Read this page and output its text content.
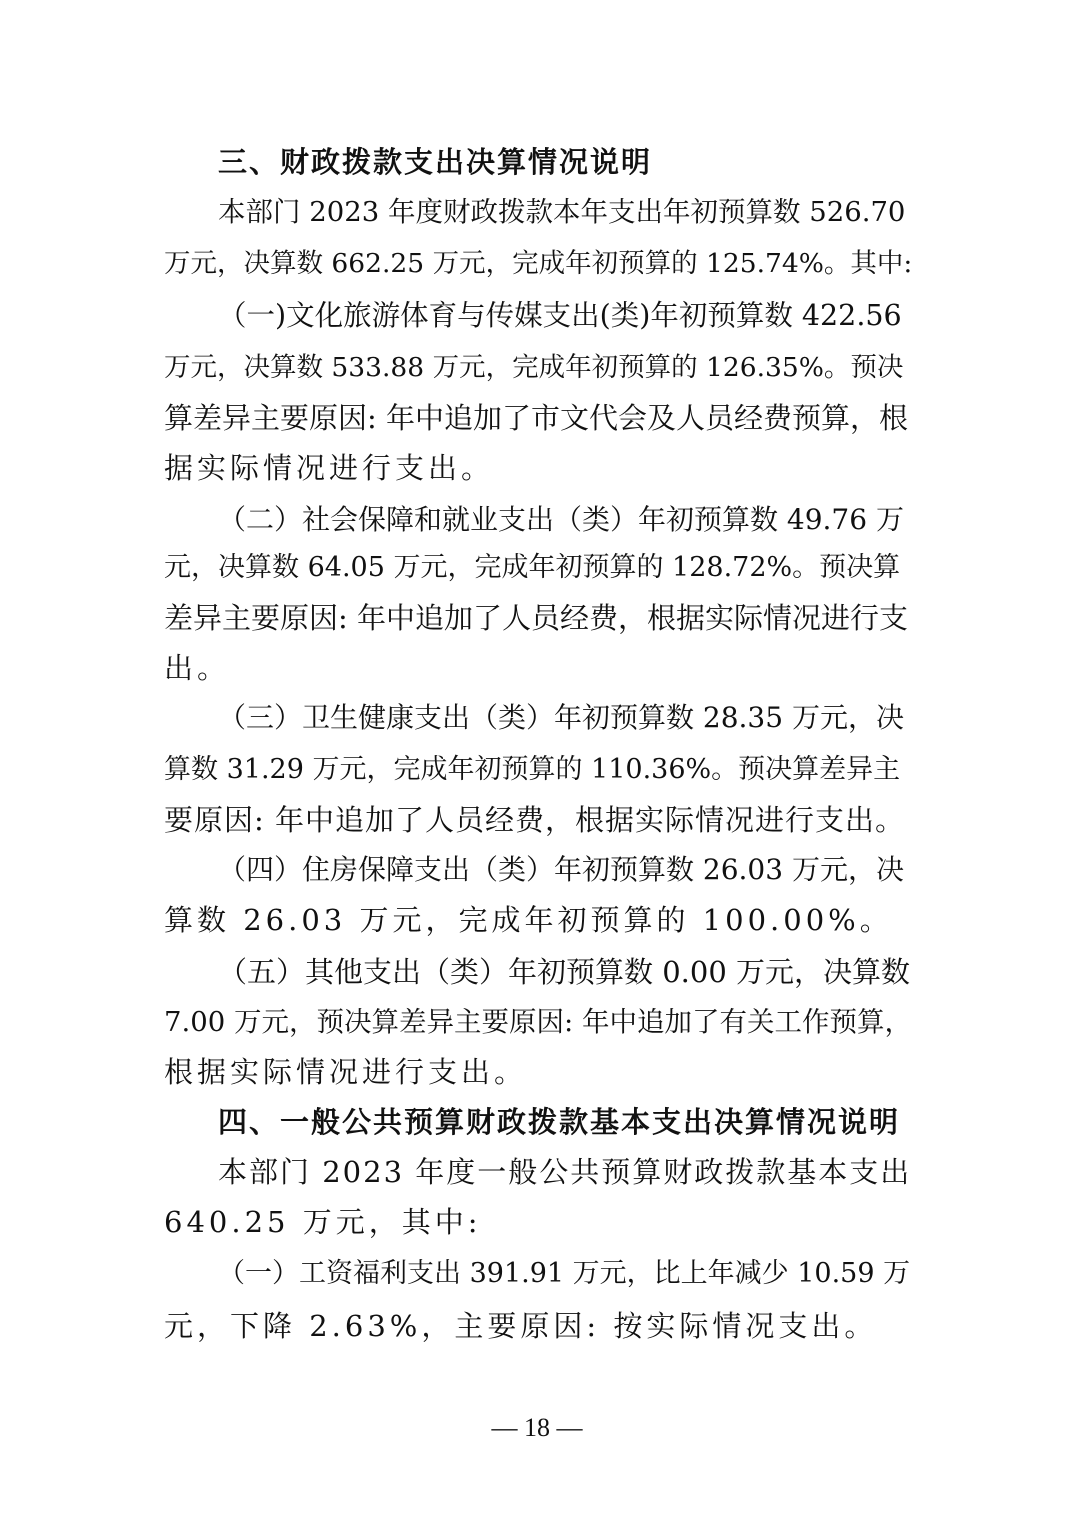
三、财政拨款支出决算情况说明
本部门 2023 年度财政拨款本年支出年初预算数 526.70
万元，决算数 662.25 万元，完成年初预算的 125.74%。其中:
（一)文化旅游体育与传媒支出(类)年初预算数 422.56
万元，决算数 533.88 万元，完成年初预算的 126.35%。预决
算差异主要原因: 年中追加了市文代会及人员经费预算，根
据实际情况进行支出。
（二）社会保障和就业支出（类）年初预算数 49.76 万
元，决算数 64.05 万元，完成年初预算的 128.72%。预决算
差异主要原因: 年中追加了人员经费，根据实际情况进行支
出。
（三）卫生健康支出（类）年初预算数 28.35 万元，决
算数 31.29 万元，完成年初预算的 110.36%。预决算差异主
要原因: 年中追加了人员经费，根据实际情况进行支出。
（四）住房保障支出（类）年初预算数 26.03 万元，决
算数 26.03 万元，完成年初预算的 100.00%。
（五）其他支出（类）年初预算数 0.00 万元，决算数
7.00 万元，预决算差异主要原因: 年中追加了有关工作预算，
根据实际情况进行支出。
四、一般公共预算财政拨款基本支出决算情况说明
本部门 2023 年度一般公共预算财政拨款基本支出
640.25 万元，其中:
（一）工资福利支出 391.91 万元，比上年减少 10.59 万
元，下降 2.63%，主要原因: 按实际情况支出。
— 18 —
